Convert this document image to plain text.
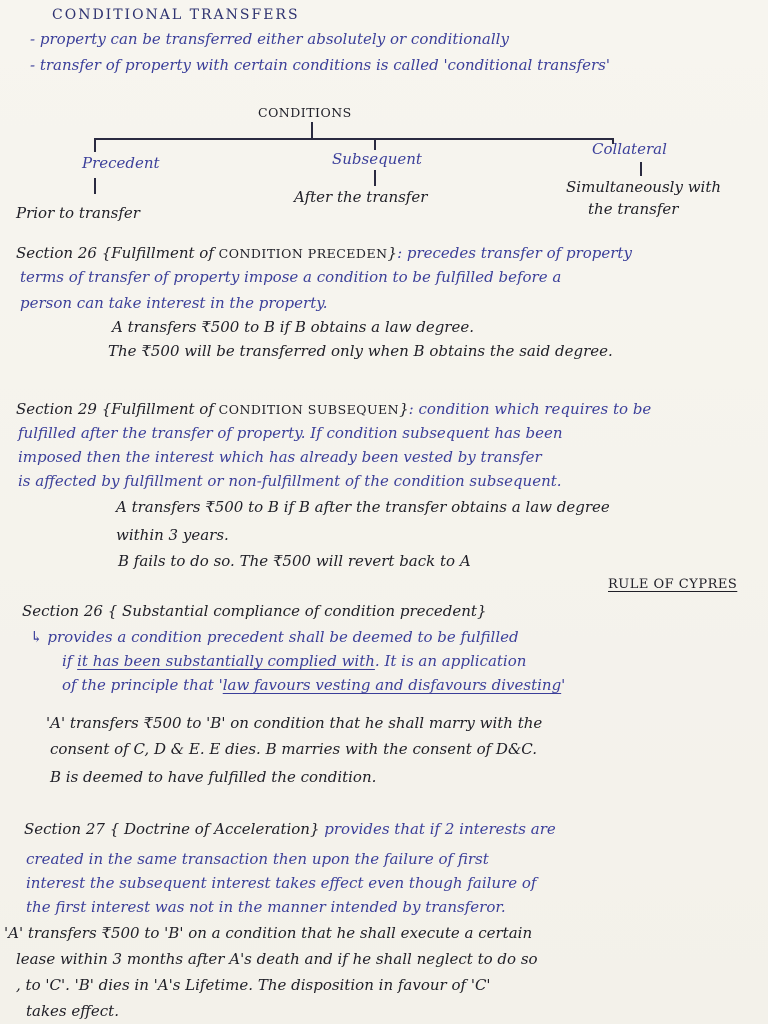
CONDITIONAL TRANSFERS
- property can be transferred either absolutely or conditionally
- transfer of property with certain conditions is called 'conditional transfers'
CONDITIONS
Precedent	Subsequent
Collateral
Prior to transfer
After the transfer
Simultaneously with
the transfer
Section 26 {Fulfillment of CONDITION PRECEDEN}: precedes transfer of property
terms of transfer of property impose a condition to be fulfilled before a
person can take interest in the property.
A transfers ₹500 to B if B obtains a law degree.
The ₹500 will be transferred only when B obtains the said degree.
Section 29 {Fulfillment of CONDITION SUBSEQUEN}: condition which requires to be
fulfilled after the transfer of property. If condition subsequent has been
imposed then the interest which has already been vested by transfer
is affected by fulfillment or non-fulfillment of the condition subsequent.
A transfers ₹500 to B if B after the transfer obtains a law degree
within 3 years.
B fails to do so. The ₹500 will revert back to A
Section 26 { Substantial compliance of condition precedent}
RULE OF CYPRES
↳ provides a condition precedent shall be deemed to be fulfilled
if it has been substantially complied with. It is an application
of the principle that 'law favours vesting and disfavours divesting'
'A' transfers ₹500 to 'B' on condition that he shall marry with the
consent of C, D & E. E dies. B marries with the consent of D&C.
B is deemed to have fulfilled the condition.
Section 27 { Doctrine of Acceleration} provides that if 2 interests are
created in the same transaction then upon the failure of first
interest the subsequent interest takes effect even though failure of
the first interest was not in the manner intended by transferor.
'A' transfers ₹500 to 'B' on a condition that he shall execute a certain
lease within 3 months after A's death and if he shall neglect to do so
, to 'C'. 'B' dies in 'A's Lifetime. The disposition in favour of 'C'
takes effect.
